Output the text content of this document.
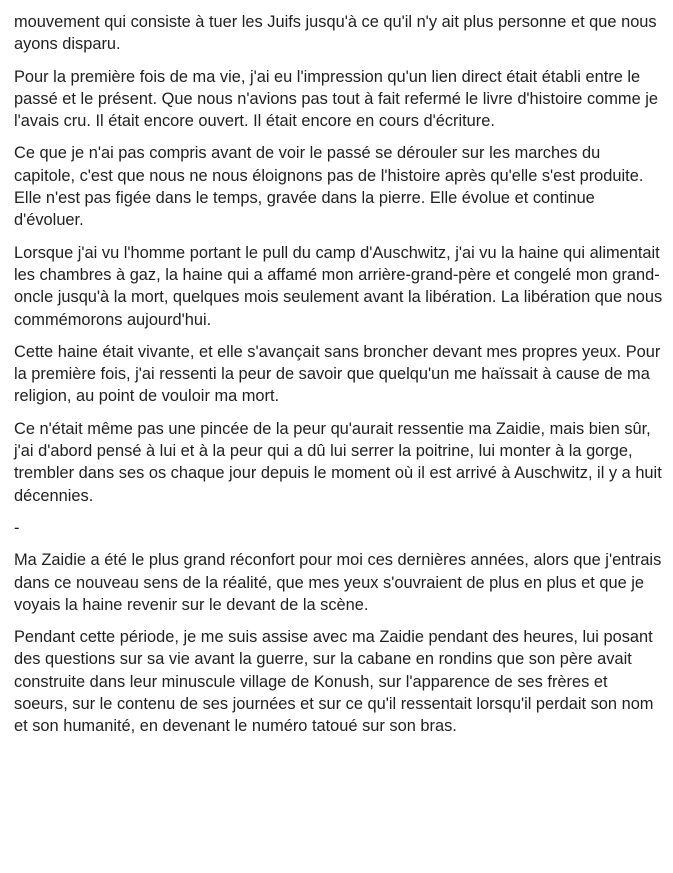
mouvement qui consiste à tuer les Juifs jusqu'à ce qu'il n'y ait plus personne et que nous ayons disparu.

Pour la première fois de ma vie, j'ai eu l'impression qu'un lien direct était établi entre le passé et le présent. Que nous n'avions pas tout à fait refermé le livre d'histoire comme je l'avais cru. Il était encore ouvert. Il était encore en cours d'écriture.

Ce que je n'ai pas compris avant de voir le passé se dérouler sur les marches du capitole, c'est que nous ne nous éloignons pas de l'histoire après qu'elle s'est produite. Elle n'est pas figée dans le temps, gravée dans la pierre. Elle évolue et continue d'évoluer.

Lorsque j'ai vu l'homme portant le pull du camp d'Auschwitz, j'ai vu la haine qui alimentait les chambres à gaz, la haine qui a affamé mon arrière-grand-père et congelé mon grand-oncle jusqu'à la mort, quelques mois seulement avant la libération. La libération que nous commémorons aujourd'hui.

Cette haine était vivante, et elle s'avançait sans broncher devant mes propres yeux. Pour la première fois, j'ai ressenti la peur de savoir que quelqu'un me haïssait à cause de ma religion, au point de vouloir ma mort.

Ce n'était même pas une pincée de la peur qu'aurait ressentie ma Zaidie, mais bien sûr, j'ai d'abord pensé à lui et à la peur qui a dû lui serrer la poitrine, lui monter à la gorge, trembler dans ses os chaque jour depuis le moment où il est arrivé à Auschwitz, il y a huit décennies.

-

Ma Zaidie a été le plus grand réconfort pour moi ces dernières années, alors que j'entrais dans ce nouveau sens de la réalité, que mes yeux s'ouvraient de plus en plus et que je voyais la haine revenir sur le devant de la scène.

Pendant cette période, je me suis assise avec ma Zaidie pendant des heures, lui posant des questions sur sa vie avant la guerre, sur la cabane en rondins que son père avait construite dans leur minuscule village de Konush, sur l'apparence de ses frères et soeurs, sur le contenu de ses journées et sur ce qu'il ressentait lorsqu'il perdait son nom et son humanité, en devenant le numéro tatoué sur son bras.
